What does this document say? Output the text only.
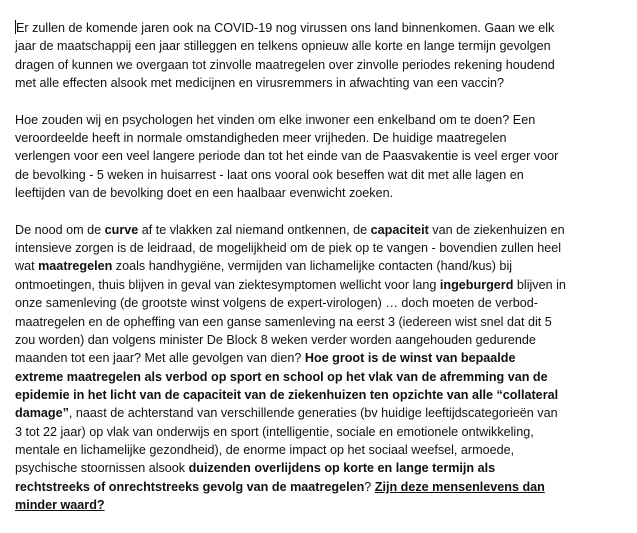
Er zullen de komende jaren ook na COVID-19 nog virussen ons land binnenkomen. Gaan we elk
jaar de maatschappij een jaar stilleggen en telkens opnieuw alle korte en lange termijn gevolgen
dragen of kunnen we overgaan tot zinvolle maatregelen over zinvolle periodes rekening houdend
met alle effecten alsook met medicijnen en virusremmers in afwachting van een vaccin?

Hoe zouden wij en psychologen het vinden om elke inwoner een enkelband om te doen? Een
veroordeelde heeft in normale omstandigheden meer vrijheden. De huidige maatregelen
verlengen voor een veel langere periode dan tot het einde van de Paasvakentie is veel erger voor
de bevolking - 5 weken in huisarrest - laat ons vooral ook beseffen wat dit met alle lagen en
leeftijden van de bevolking doet en een haalbaar evenwicht zoeken.

De nood om de curve af te vlakken zal niemand ontkennen, de capaciteit van de ziekenhuizen en
intensieve zorgen is de leidraad, de mogelijkheid om de piek op te vangen - bovendien zullen heel
wat maatregelen zoals handhygiëne, vermijden van lichamelijke contacten (hand/kus) bij
ontmoetingen, thuis blijven in geval van ziektesymptomen wellicht voor lang ingeburgerd blijven in
onze samenleving (de grootste winst volgens de expert-virologen) … doch moeten de verbod-
maatregelen en de opheffing van een ganse samenleving na eerst 3 (iedereen wist snel dat dit 5
zou worden) dan volgens minister De Block 8 weken verder worden aangehouden gedurende
maanden tot een jaar? Met alle gevolgen van dien? Hoe groot is de winst van bepaalde
extreme maatregelen als verbod op sport en school op het vlak van de afremming van de
epidemie in het licht van de capaciteit van de ziekenhuizen ten opzichte van alle “collateral
damage”, naast de achterstand van verschillende generaties (bv huidige leeftijdscategorieën van
3 tot 22 jaar) op vlak van onderwijs en sport (intelligentie, sociale en emotionele ontwikkeling,
mentale en lichamelijke gezondheid), de enorme impact op het sociaal weefsel, armoede,
psychische stoornissen alsook duizenden overlijdens op korte en lange termijn als
rechtstreeks of onrechtstreeks gevolg van de maatregelen? Zijn deze mensenlevens dan
minder waard?
